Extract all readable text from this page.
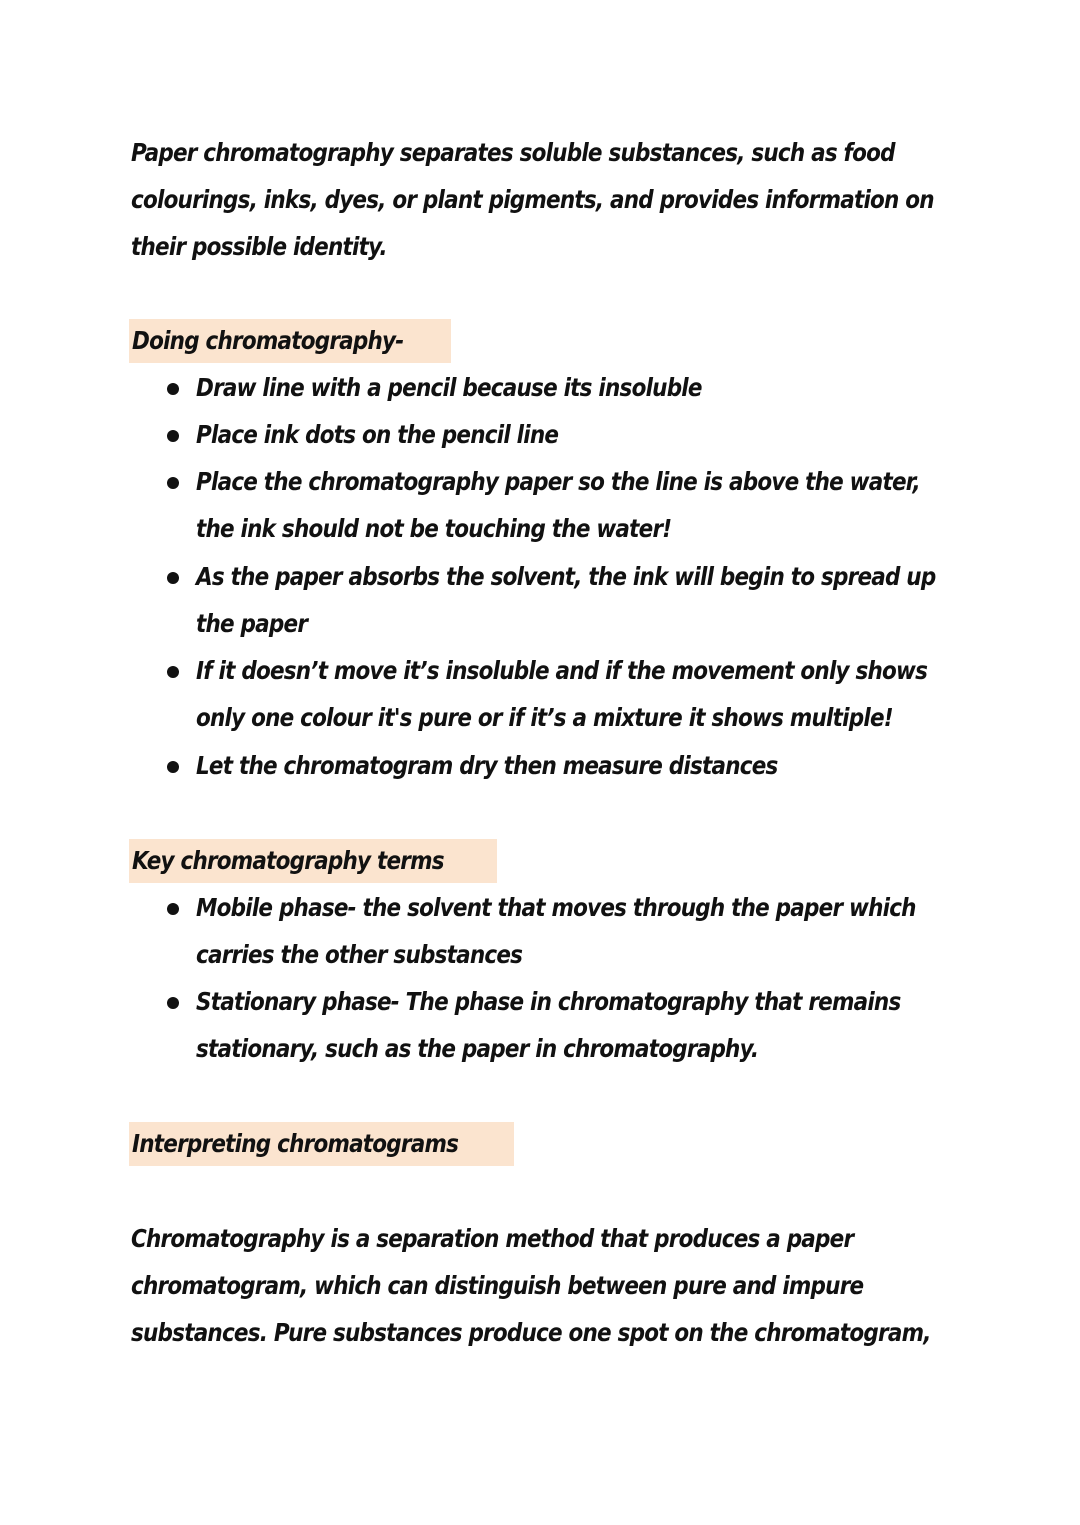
Paper chromatography separates soluble substances, such as food
colourings, inks, dyes, or plant pigments, and provides information on
their possible identity.
Doing chromatography-
Draw line with a pencil because its insoluble
Place ink dots on the pencil line
Place the chromatography paper so the line is above the water,
the ink should not be touching the water!
As the paper absorbs the solvent, the ink will begin to spread up
the paper
If it doesn’t move it’s insoluble and if the movement only shows
only one colour it's pure or if it’s a mixture it shows multiple!
Let the chromatogram dry then measure distances
Key chromatography terms
Mobile phase- the solvent that moves through the paper which
carries the other substances
Stationary phase- The phase in chromatography that remains
stationary, such as the paper in chromatography.
Interpreting chromatograms
Chromatography is a separation method that produces a paper
chromatogram, which can distinguish between pure and impure
substances. Pure substances produce one spot on the chromatogram,
